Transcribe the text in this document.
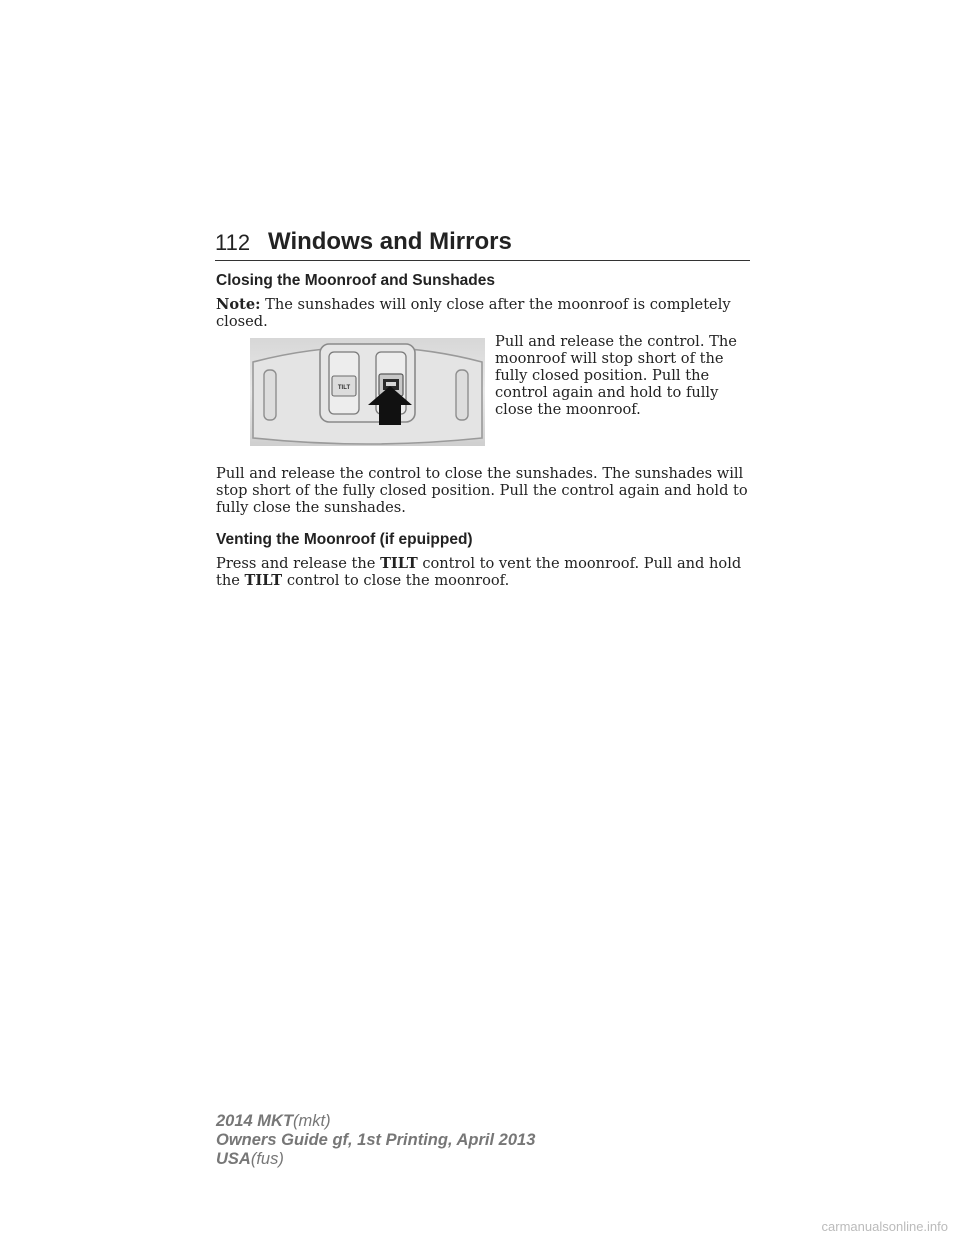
112 Windows and Mirrors
Closing the Moonroof and Sunshades
Note: The sunshades will only close after the moonroof is completely closed.
TILT
Pull and release the control. The moonroof will stop short of the fully closed position. Pull the control again and hold to fully close the moonroof.
Pull and release the control to close the sunshades. The sunshades will stop short of the fully closed position. Pull the control again and hold to fully close the sunshades.
Venting the Moonroof (if epuipped)
Press and release the TILT control to vent the moonroof. Pull and hold the TILT control to close the moonroof.
2014 MKT(mkt)
Owners Guide gf, 1st Printing, April 2013
USA(fus)
carmanualsonline.info
